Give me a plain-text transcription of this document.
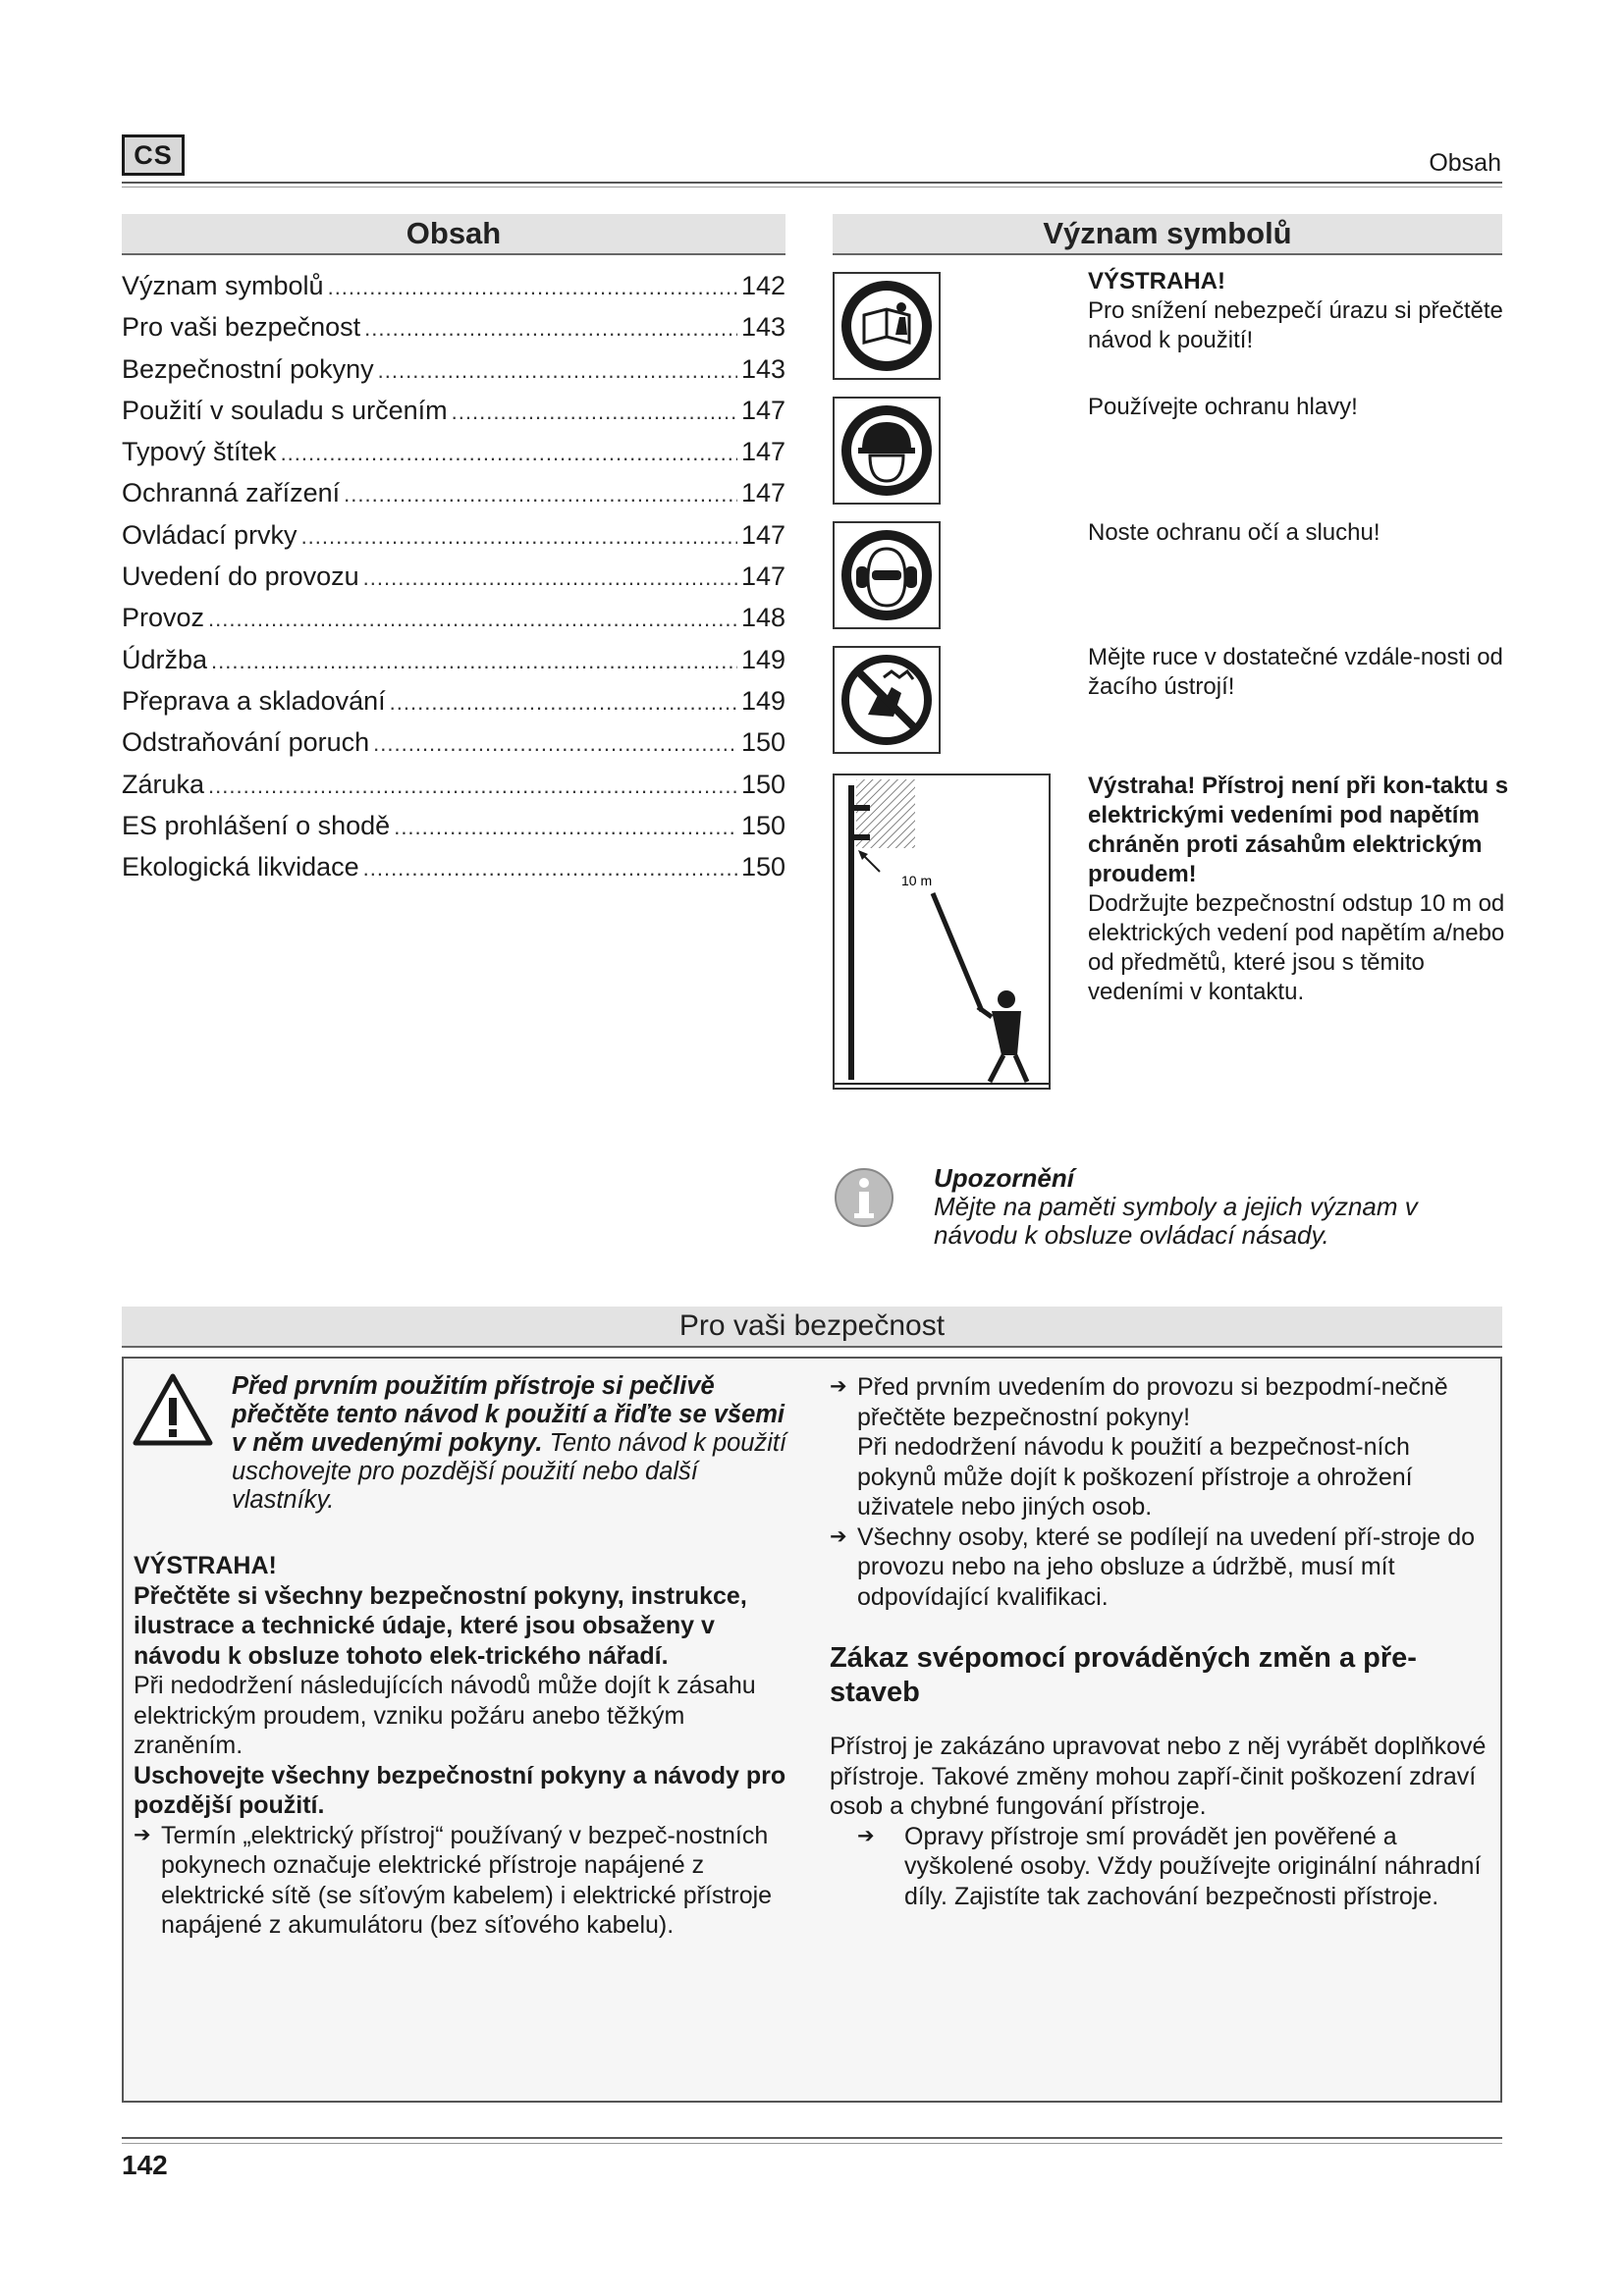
CS	Obsah
Obsah
Význam symbolů .....	142
Pro vaši bezpečnost .....	143
Bezpečnostní pokyny .....	143
Použití v souladu s určením .....	147
Typový štítek .....	147
Ochranná zařízení .....	147
Ovládací prvky .....	147
Uvedení do provozu .....	147
Provoz .....	148
Údržba .....	149
Přeprava a skladování .....	149
Odstraňování poruch .....	150
Záruka .....	150
ES prohlášení o shodě .....	150
Ekologická likvidace .....	150
Význam symbolů
VÝSTRAHA!
Pro snížení nebezpečí úrazu si přečtěte návod k použití!
Používejte ochranu hlavy!
Noste ochranu očí a sluchu!
Mějte ruce v dostatečné vzdále-nosti od žacího ústrojí!
10 m
Výstraha! Přístroj není při kon-taktu s elektrickými vedeními pod napětím chráněn proti zásahům elektrickým proudem!
Dodržujte bezpečnostní odstup 10 m od elektrických vedení pod napětím a/nebo od předmětů, které jsou s těmito vedeními v kontaktu.
Upozornění
Mějte na paměti symboly a jejich význam v návodu k obsluze ovládací násady.
Pro vaši bezpečnost
Před prvním použitím přístroje si pečlivě přečtěte tento návod k použití a řiďte se všemi v něm uvedenými pokyny. Tento návod k použití uschovejte pro pozdější použití nebo další vlastníky.

VÝSTRAHA!

Přečtěte si všechny bezpečnostní pokyny, instrukce, ilustrace a technické údaje, které jsou obsaženy v návodu k obsluze tohoto elek-trického nářadí.

Při nedodržení následujících návodů může dojít k zásahu elektrickým proudem, vzniku požáru anebo těžkým zraněním.

Uschovejte všechny bezpečnostní pokyny a návody pro pozdější použití.

➔ Termín „elektrický přístroj“ používaný v bezpeč-nostních pokynech označuje elektrické přístroje napájené z elektrické sítě (se síťovým kabelem) i elektrické přístroje napájené z akumulátoru (bez síťového kabelu).
➔ Před prvním uvedením do provozu si bezpodmí-nečně přečtěte bezpečnostní pokyny!
Při nedodržení návodu k použití a bezpečnost-ních pokynů může dojít k poškození přístroje a ohrožení uživatele nebo jiných osob.
➔ Všechny osoby, které se podílejí na uvedení pří-stroje do provozu nebo na jeho obsluze a údržbě, musí mít odpovídající kvalifikaci.

Zákaz svépomocí prováděných změn a pře-staveb

Přístroj je zakázáno upravovat nebo z něj vyrábět doplňkové přístroje. Takové změny mohou zapří-činit poškození zdraví osob a chybné fungování přístroje.

➔	Opravy přístroje smí provádět jen pověřené a vyškolené osoby. Vždy používejte originální náhradní díly. Zajistíte tak zachování bezpečnosti přístroje.
142
